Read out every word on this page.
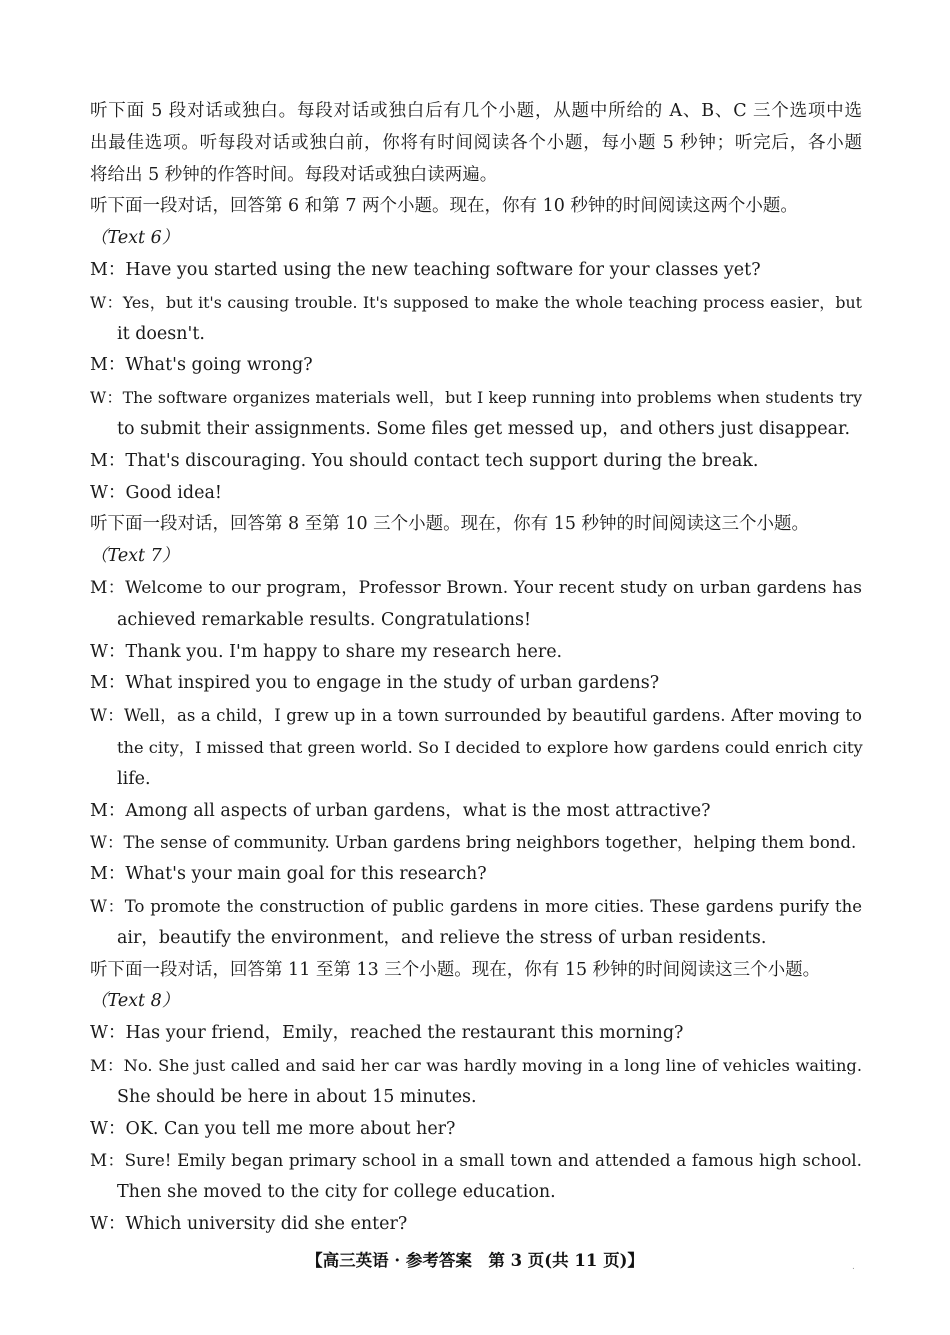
听下面 5 段对话或独白。每段对话或独白后有几个小题，从题中所给的 A、B、C 三个选项中选
出最佳选项。听每段对话或独白前，你将有时间阅读各个小题，每小题 5 秒钟；听完后，各小题
将给出 5 秒钟的作答时间。每段对话或独白读两遍。
听下面一段对话，回答第 6 和第 7 两个小题。现在，你有 10 秒钟的时间阅读这两个小题。
（Text 6）
M：Have you started using the new teaching software for your classes yet?
W：Yes，but it's causing trouble. It's supposed to make the whole teaching process easier，but
it doesn't.
M：What's going wrong?
W：The software organizes materials well，but I keep running into problems when students try
to submit their assignments. Some files get messed up，and others just disappear.
M：That's discouraging. You should contact tech support during the break.
W：Good idea!
听下面一段对话，回答第 8 至第 10 三个小题。现在，你有 15 秒钟的时间阅读这三个小题。
（Text 7）
M：Welcome to our program，Professor Brown. Your recent study on urban gardens has
achieved remarkable results. Congratulations!
W：Thank you. I'm happy to share my research here.
M：What inspired you to engage in the study of urban gardens?
W：Well，as a child，I grew up in a town surrounded by beautiful gardens. After moving to
the city，I missed that green world. So I decided to explore how gardens could enrich city
life.
M：Among all aspects of urban gardens，what is the most attractive?
W：The sense of community. Urban gardens bring neighbors together，helping them bond.
M：What's your main goal for this research?
W：To promote the construction of public gardens in more cities. These gardens purify the
air，beautify the environment，and relieve the stress of urban residents.
听下面一段对话，回答第 11 至第 13 三个小题。现在，你有 15 秒钟的时间阅读这三个小题。
（Text 8）
W：Has your friend，Emily，reached the restaurant this morning?
M：No. She just called and said her car was hardly moving in a long line of vehicles waiting.
She should be here in about 15 minutes.
W：OK. Can you tell me more about her?
M：Sure! Emily began primary school in a small town and attended a famous high school.
Then she moved to the city for college education.
W：Which university did she enter?
【高三英语 · 参考答案　第 3 页(共 11 页)】	.
